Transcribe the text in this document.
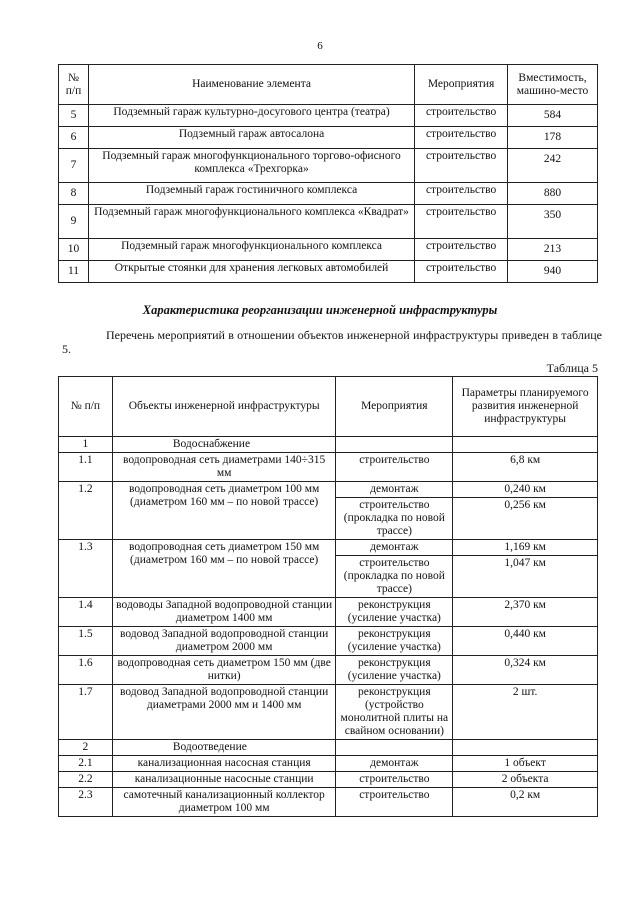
6
№ п/п	Наименование элемента	Мероприятия	Вместимость, машино-место
5	Подземный гараж культурно-досугового центра (театра)	строительство	584
6	Подземный гараж автосалона	строительство	178
7	Подземный гараж многофункционального торгово-офисного комплекса «Трехгорка»	строительство	242
8	Подземный гараж гостиничного комплекса	строительство	880
9	Подземный гараж многофункционального комплекса «Квадрат»	строительство	350
10	Подземный гараж многофункционального комплекса	строительство	213
11	Открытые стоянки для хранения легковых автомобилей	строительство	940
Характеристика реорганизации инженерной инфраструктуры
Перечень мероприятий в отношении объектов инженерной инфраструктуры приведен в таблице 5.
Таблица 5
№ п/п	Объекты инженерной инфраструктуры	Мероприятия	Параметры планируемого развития инженерной инфраструктуры
1	Водоснабжение		
1.1	водопроводная сеть диаметрами 140÷315 мм	строительство	6,8 км
1.2	водопроводная сеть диаметром 100 мм (диаметром 160 мм – по новой трассе)	демонтаж	0,240 км
		строительство (прокладка по новой трассе)	0,256 км
1.3	водопроводная сеть диаметром 150 мм (диаметром 160 мм – по новой трассе)	демонтаж	1,169 км
		строительство (прокладка по новой трассе)	1,047 км
1.4	водоводы Западной водопроводной станции диаметром 1400 мм	реконструкция (усиление участка)	2,370 км
1.5	водовод Западной водопроводной станции диаметром 2000 мм	реконструкция (усиление участка)	0,440 км
1.6	водопроводная сеть диаметром 150 мм (две нитки)	реконструкция (усиление участка)	0,324 км
1.7	водовод Западной водопроводной станции диаметрами 2000 мм и 1400 мм	реконструкция (устройство монолитной плиты на свайном основании)	2 шт.
2	Водоотведение		
2.1	канализационная насосная станция	демонтаж	1 объект
2.2	канализационные насосные станции	строительство	2 объекта
2.3	самотечный канализационный коллектор диаметром 100 мм	строительство	0,2 км
